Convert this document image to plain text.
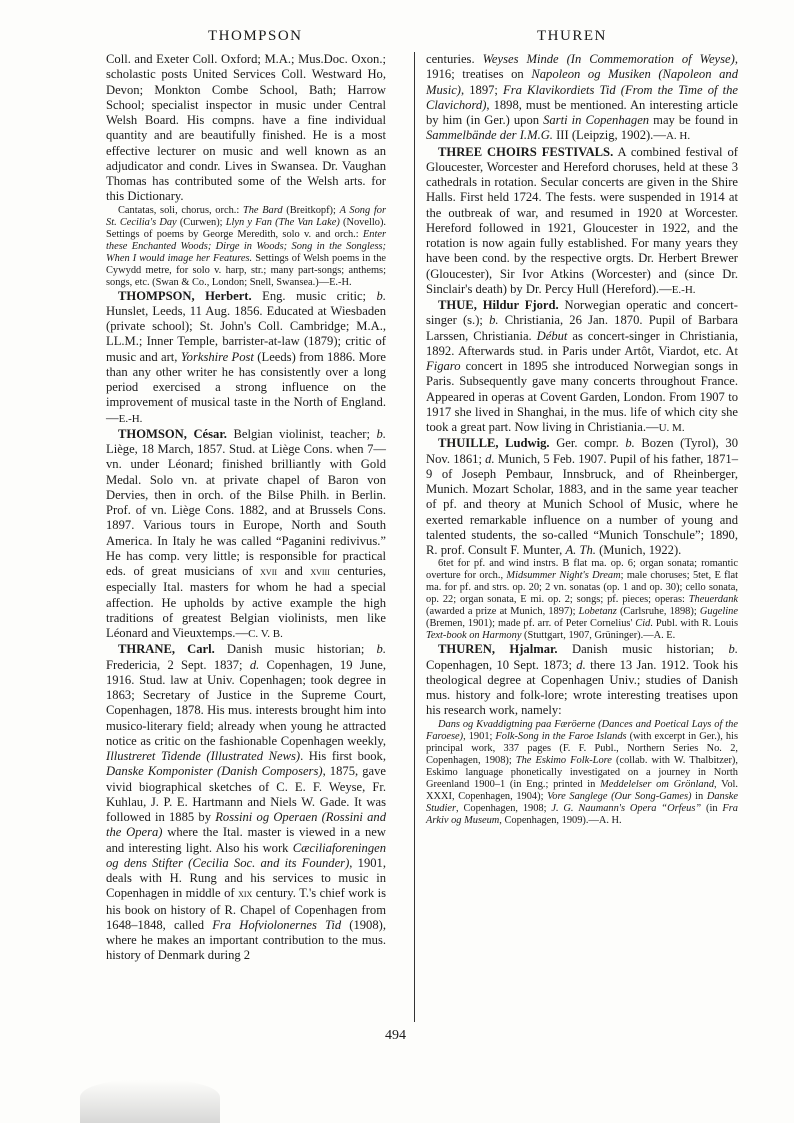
THOMPSON	THUREN

Coll. and Exeter Coll. Oxford; M.A.; Mus.Doc. Oxon.; scholastic posts United Services Coll. Westward Ho, Devon; Monkton Combe School, Bath; Harrow School; specialist inspector in music under Central Welsh Board. His compns. have a fine individual quantity and are beautifully finished. He is a most effective lecturer on music and well known as an adjudicator and condr. Lives in Swansea. Dr. Vaughan Thomas has contributed some of the Welsh arts. for this Dictionary.

Cantatas, soli, chorus, orch.: The Bard (Breitkopf); A Song for St. Cecilia's Day (Curwen); Llyn y Fan (The Van Lake) (Novello). Settings of poems by George Meredith, solo v. and orch.: Enter these Enchanted Woods; Dirge in Woods; Song in the Songless; When I would image her Features. Settings of Welsh poems in the Cywydd metre, for solo v. harp, str.; many part-songs; anthems; songs, etc. (Swan & Co., London; Snell, Swansea.)—E.-H.

THOMPSON, Herbert. Eng. music critic; b. Hunslet, Leeds, 11 Aug. 1856. Educated at Wiesbaden (private school); St. John's Coll. Cambridge; M.A., LL.M.; Inner Temple, barrister-at-law (1879); critic of music and art, Yorkshire Post (Leeds) from 1886. More than any other writer he has consistently over a long period exercised a strong influence on the improvement of musical taste in the North of England.—E.-H.

THOMSON, César. Belgian violinist, teacher; b. Liège, 18 March, 1857. Stud. at Liège Cons. when 7—vn. under Léonard; finished brilliantly with Gold Medal. Solo vn. at private chapel of Baron von Dervies, then in orch. of the Bilse Philh. in Berlin. Prof. of vn. Liège Cons. 1882, and at Brussels Cons. 1897. Various tours in Europe, North and South America. In Italy he was called “Paganini redivivus.” He has comp. very little; is responsible for practical eds. of great musicians of xvii and xviii centuries, especially Ital. masters for whom he had a special affection. He upholds by active example the high traditions of greatest Belgian violinists, men like Léonard and Vieuxtemps.—C. V. B.

THRANE, Carl. Danish music historian; b. Fredericia, 2 Sept. 1837; d. Copenhagen, 19 June, 1916. Stud. law at Univ. Copenhagen; took degree in 1863; Secretary of Justice in the Supreme Court, Copenhagen, 1878. His mus. interests brought him into musico-literary field; already when young he attracted notice as critic on the fashionable Copenhagen weekly, Illustreret Tidende (Illustrated News). His first book, Danske Komponister (Danish Composers), 1875, gave vivid biographical sketches of C. E. F. Weyse, Fr. Kuhlau, J. P. E. Hartmann and Niels W. Gade. It was followed in 1885 by Rossini og Operaen (Rossini and the Opera) where the Ital. master is viewed in a new and interesting light. Also his work Cæciliaforeningen og dens Stifter (Cecilia Soc. and its Founder), 1901, deals with H. Rung and his services to music in Copenhagen in middle of xix century. T.'s chief work is his book on history of R. Chapel of Copenhagen from 1648–1848, called Fra Hofviolonernes Tid (1908), where he makes an important contribution to the mus. history of Denmark during 2

centuries. Weyses Minde (In Commemoration of Weyse), 1916; treatises on Napoleon og Musiken (Napoleon and Music), 1897; Fra Klavikordiets Tid (From the Time of the Clavichord), 1898, must be mentioned. An interesting article by him (in Ger.) upon Sarti in Copenhagen may be found in Sammelbände der I.M.G. III (Leipzig, 1902).—A. H.

THREE CHOIRS FESTIVALS. A combined festival of Gloucester, Worcester and Hereford choruses, held at these 3 cathedrals in rotation. Secular concerts are given in the Shire Halls. First held 1724. The fests. were suspended in 1914 at the outbreak of war, and resumed in 1920 at Worcester. Hereford followed in 1921, Gloucester in 1922, and the rotation is now again fully established. For many years they have been cond. by the respective orgts. Dr. Herbert Brewer (Gloucester), Sir Ivor Atkins (Worcester) and (since Dr. Sinclair's death) by Dr. Percy Hull (Hereford).—E.-H.

THUE, Hildur Fjord. Norwegian operatic and concert-singer (s.); b. Christiania, 26 Jan. 1870. Pupil of Barbara Larssen, Christiania. Début as concert-singer in Christiania, 1892. Afterwards stud. in Paris under Artôt, Viardot, etc. At Figaro concert in 1895 she introduced Norwegian songs in Paris. Subsequently gave many concerts throughout France. Appeared in operas at Covent Garden, London. From 1907 to 1917 she lived in Shanghai, in the mus. life of which city she took a great part. Now living in Christiania.—U. M.

THUILLE, Ludwig. Ger. compr. b. Bozen (Tyrol), 30 Nov. 1861; d. Munich, 5 Feb. 1907. Pupil of his father, 1871–9 of Joseph Pembaur, Innsbruck, and of Rheinberger, Munich. Mozart Scholar, 1883, and in the same year teacher of pf. and theory at Munich School of Music, where he exerted remarkable influence on a number of young and talented students, the so-called “Munich Tonschule”; 1890, R. prof. Consult F. Munter, A. Th. (Munich, 1922).

6tet for pf. and wind instrs. B flat ma. op. 6; organ sonata; romantic overture for orch., Midsummer Night's Dream; male choruses; 5tet, E flat ma. for pf. and strs. op. 20; 2 vn. sonatas (op. 1 and op. 30); cello sonata, op. 22; organ sonata, E mi. op. 2; songs; pf. pieces; operas: Theuerdank (awarded a prize at Munich, 1897); Lobetanz (Carlsruhe, 1898); Gugeline (Bremen, 1901); made pf. arr. of Peter Cornelius' Cid. Publ. with R. Louis Text-book on Harmony (Stuttgart, 1907, Grüninger).—A. E.

THUREN, Hjalmar. Danish music historian; b. Copenhagen, 10 Sept. 1873; d. there 13 Jan. 1912. Took his theological degree at Copenhagen Univ.; studies of Danish mus. history and folk-lore; wrote interesting treatises upon his research work, namely:

Dans og Kvaddigtning paa Færöerne (Dances and Poetical Lays of the Faroese), 1901; Folk-Song in the Faroe Islands (with excerpt in Ger.), his principal work, 337 pages (F. F. Publ., Northern Series No. 2, Copenhagen, 1908); The Eskimo Folk-Lore (collab. with W. Thalbitzer), Eskimo language phonetically investigated on a journey in North Greenland 1900–1 (in Eng.; printed in Meddelelser om Grönland, Vol. XXXI, Copenhagen, 1904); Vore Sanglege (Our Song-Games) in Danske Studier, Copenhagen, 1908; J. G. Naumann's Opera “Orfeus” (in Fra Arkiv og Museum, Copenhagen, 1909).—A. H.

494
